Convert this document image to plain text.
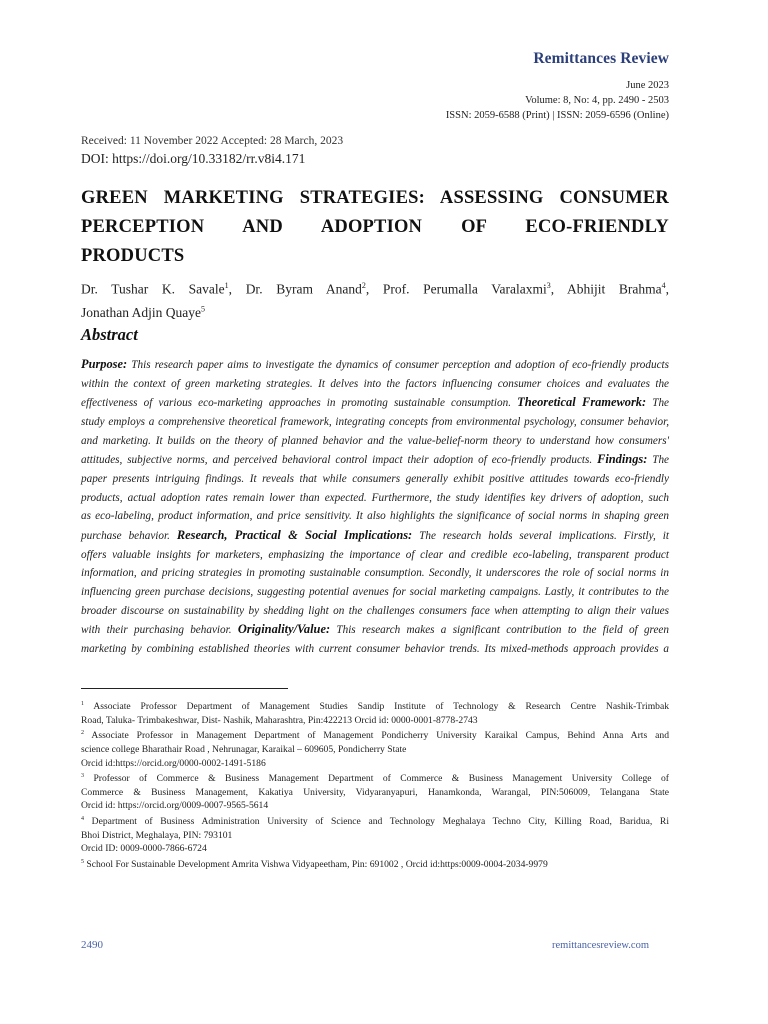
Remittances Review
June 2023
Volume: 8, No: 4, pp. 2490 - 2503
ISSN: 2059-6588 (Print) | ISSN: 2059-6596 (Online)
Received: 11 November 2022 Accepted: 28 March, 2023
DOI: https://doi.org/10.33182/rr.v8i4.171
GREEN MARKETING STRATEGIES: ASSESSING CONSUMER
PERCEPTION AND ADOPTION OF ECO-FRIENDLY
PRODUCTS
Dr. Tushar K. Savale$^1$, Dr. Byram Anand$^2$, Prof. Perumalla Varalaxmi$^3$, Abhijit Brahma$^4$,
Jonathan Adjin Quaye$^5$
Abstract
Purpose: This research paper aims to investigate the dynamics of consumer perception and adoption of eco-friendly products
within the context of green marketing strategies. It delves into the factors influencing consumer choices and evaluates the
effectiveness of various eco-marketing approaches in promoting sustainable consumption. Theoretical Framework: The
study employs a comprehensive theoretical framework, integrating concepts from environmental psychology, consumer behavior,
and marketing. It builds on the theory of planned behavior and the value-belief-norm theory to understand how consumers'
attitudes, subjective norms, and perceived behavioral control impact their adoption of eco-friendly products. Findings: The
paper presents intriguing findings. It reveals that while consumers generally exhibit positive attitudes towards eco-friendly
products, actual adoption rates remain lower than expected. Furthermore, the study identifies key drivers of adoption, such
as eco-labeling, product information, and price sensitivity. It also highlights the significance of social norms in shaping green
purchase behavior. Research, Practical & Social Implications: The research holds several implications. Firstly, it
offers valuable insights for marketers, emphasizing the importance of clear and credible eco-labeling, transparent product
information, and pricing strategies in promoting sustainable consumption. Secondly, it underscores the role of social norms in
influencing green purchase decisions, suggesting potential avenues for social marketing campaigns. Lastly, it contributes to the
broader discourse on sustainability by shedding light on the challenges consumers face when attempting to align their values
with their purchasing behavior. Originality/Value: This research makes a significant contribution to the field of green
marketing by combining established theories with current consumer behavior trends. Its mixed-methods approach provides a
$^1$ Associate Professor Department of Management Studies Sandip Institute of Technology & Research Centre Nashik-Trimbak
Road, Taluka- Trimbakeshwar, Dist- Nashik, Maharashtra, Pin:422213 Orcid id: 0000-0001-8778-2743
$^2$ Associate Professor in Management Department of Management Pondicherry University Karaikal Campus, Behind Anna Arts and
science college Bharathair Road , Nehrunagar, Karaikal – 609605, Pondicherry State
Orcid id:https://orcid.org/0000-0002-1491-5186
$^3$ Professor of Commerce & Business Management Department of Commerce & Business Management University College of
Commerce & Business Management, Kakatiya University, Vidyaranyapuri, Hanamkonda, Warangal, PIN:506009, Telangana State
Orcid id: https://orcid.org/0009-0007-9565-5614
$^4$ Department of Business Administration University of Science and Technology Meghalaya Techno City, Killing Road, Baridua, Ri
Bhoi District, Meghalaya, PIN: 793101
Orcid ID: 0009-0000-7866-6724
$^5$ School For Sustainable Development Amrita Vishwa Vidyapeetham, Pin: 691002 , Orcid id:https:0009-0004-2034-9979
2490	remittancesreview.com
